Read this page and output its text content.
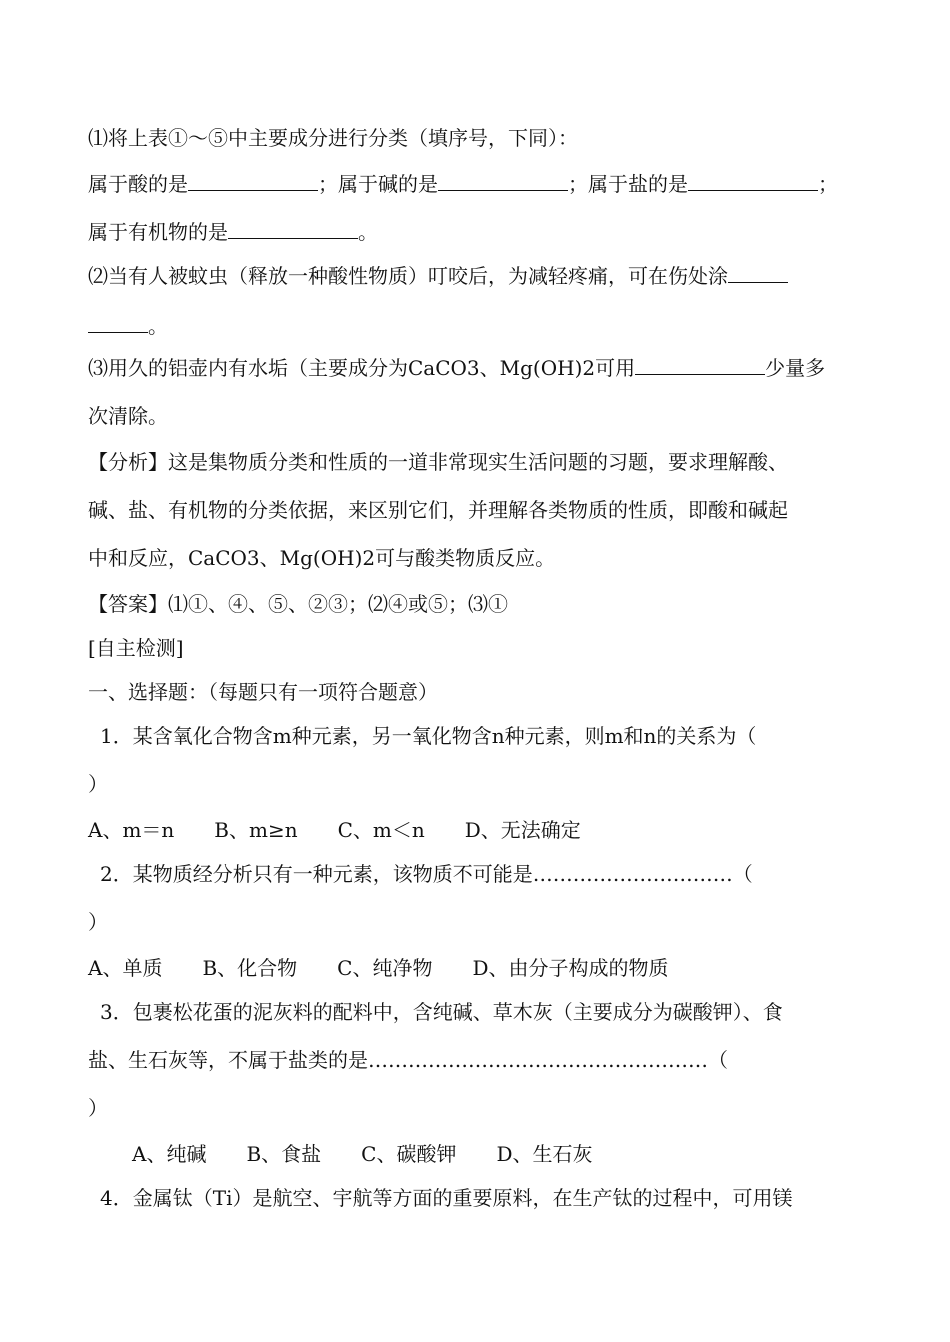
⑴将上表①～⑤中主要成分进行分类（填序号，下同）：
属于酸的是	；属于碱的是	；属于盐的是	；
属于有机物的是	。
⑵当有人被蚊虫（释放一种酸性物质）叮咬后，为减轻疼痛，可在伤处涂
。
⑶用久的铝壶内有水垢（主要成分为CaCO3、Mg(OH)2可用	少量多
次清除。
【分析】这是集物质分类和性质的一道非常现实生活问题的习题，要求理解酸、
碱、盐、有机物的分类依据，来区别它们，并理解各类物质的性质，即酸和碱起
中和反应，CaCO3、Mg(OH)2可与酸类物质反应。
【答案】⑴①、④、⑤、②③；⑵④或⑤；⑶①
[自主检测]
一、选择题：（每题只有一项符合题意）
1．某含氧化合物含m种元素，另一氧化物含n种元素，则m和n的关系为（
）
A、m＝n　　B、m≥n　　C、m＜n　　D、无法确定
2．某物质经分析只有一种元素，该物质不可能是…………………………（
）
A、单质　　B、化合物　　C、纯净物　　D、由分子构成的物质
3．包裹松花蛋的泥灰料的配料中，含纯碱、草木灰（主要成分为碳酸钾）、食
盐、生石灰等，不属于盐类的是……………………………………………（
）
A、纯碱　　B、食盐　　C、碳酸钾　　D、生石灰
4．金属钛（Ti）是航空、宇航等方面的重要原料，在生产钛的过程中，可用镁
